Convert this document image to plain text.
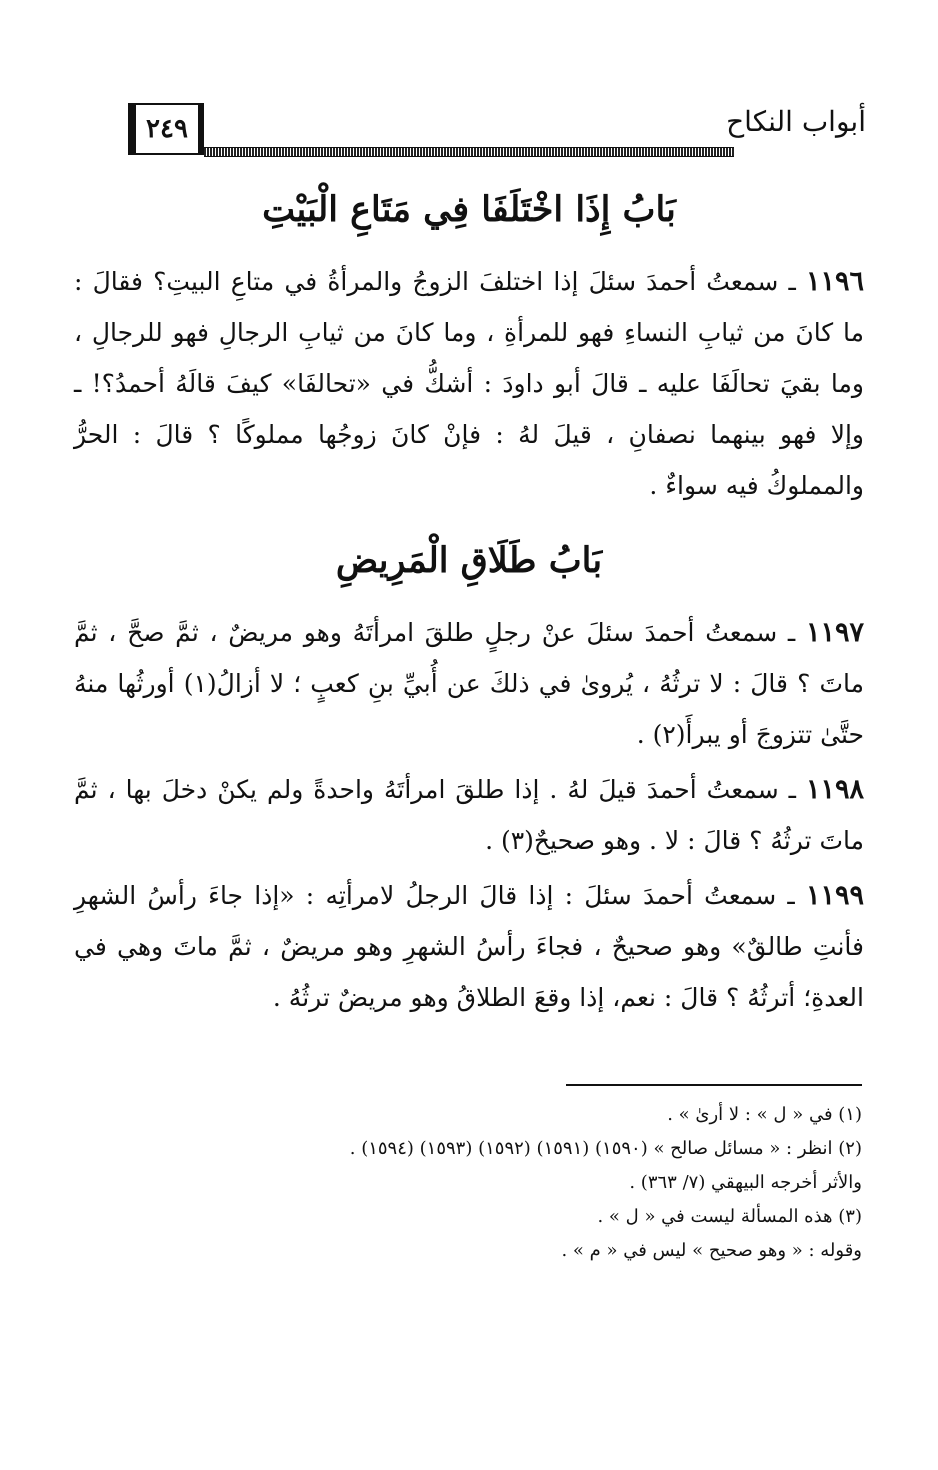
٢٤٩	أبواب النكاح
بَابُ إِذَا اخْتَلَفَا فِي مَتَاعِ الْبَيْتِ

١١٩٦ ـ سمعتُ أحمدَ سئلَ إذا اختلفَ الزوجُ والمرأةُ في متاعِ البيتِ؟ فقالَ : ما كانَ من ثيابِ النساءِ فهو للمرأةِ ، وما كانَ من ثيابِ الرجالِ فهو للرجالِ ، وما بقيَ تحالَفَا عليه ـ قالَ أبو داودَ : أشكُّ في «تحالفَا» كيفَ قالَهُ أحمدُ؟! ـ وإلا فهو بينهما نصفانِ ، قيلَ لهُ : فإنْ كانَ زوجُها مملوكًا ؟ قالَ : الحرُّ والمملوكُ فيه سواءٌ .

بَابُ طَلَاقِ الْمَرِيضِ

١١٩٧ ـ سمعتُ أحمدَ سئلَ عنْ رجلٍ طلقَ امرأتَهُ وهو مريضٌ ، ثمَّ صحَّ ، ثمَّ ماتَ ؟ قالَ : لا ترثُهُ ، يُروىٰ في ذلكَ عن أُبيِّ بنِ كعبٍ ؛ لا أزالُ(١) أورثُها منهُ حتَّىٰ تتزوجَ أو يبرأَ(٢) .

١١٩٨ ـ سمعتُ أحمدَ قيلَ لهُ . إذا طلقَ امرأتَهُ واحدةً ولم يكنْ دخلَ بها ، ثمَّ ماتَ ترثُهُ ؟ قالَ : لا . وهو صحيحٌ(٣) .

١١٩٩ ـ سمعتُ أحمدَ سئلَ : إذا قالَ الرجلُ لامرأتِه : «إذا جاءَ رأسُ الشهرِ فأنتِ طالقٌ» وهو صحيحٌ ، فجاءَ رأسُ الشهرِ وهو مريضٌ ، ثمَّ ماتَ وهي في العدةِ؛ أترثُهُ ؟ قالَ : نعم، إذا وقعَ الطلاقُ وهو مريضٌ ترثُهُ .

(١) في « ل » : لا أرىٰ » .

(٢) انظر : « مسائل صالح » (١٥٩٠) (١٥٩١) (١٥٩٢) (١٥٩٣) (١٥٩٤) .

والأثر أخرجه البيهقي (٧/ ٣٦٣) .

(٣) هذه المسألة ليست في « ل » .

وقوله : « وهو صحيح » ليس في « م » .
